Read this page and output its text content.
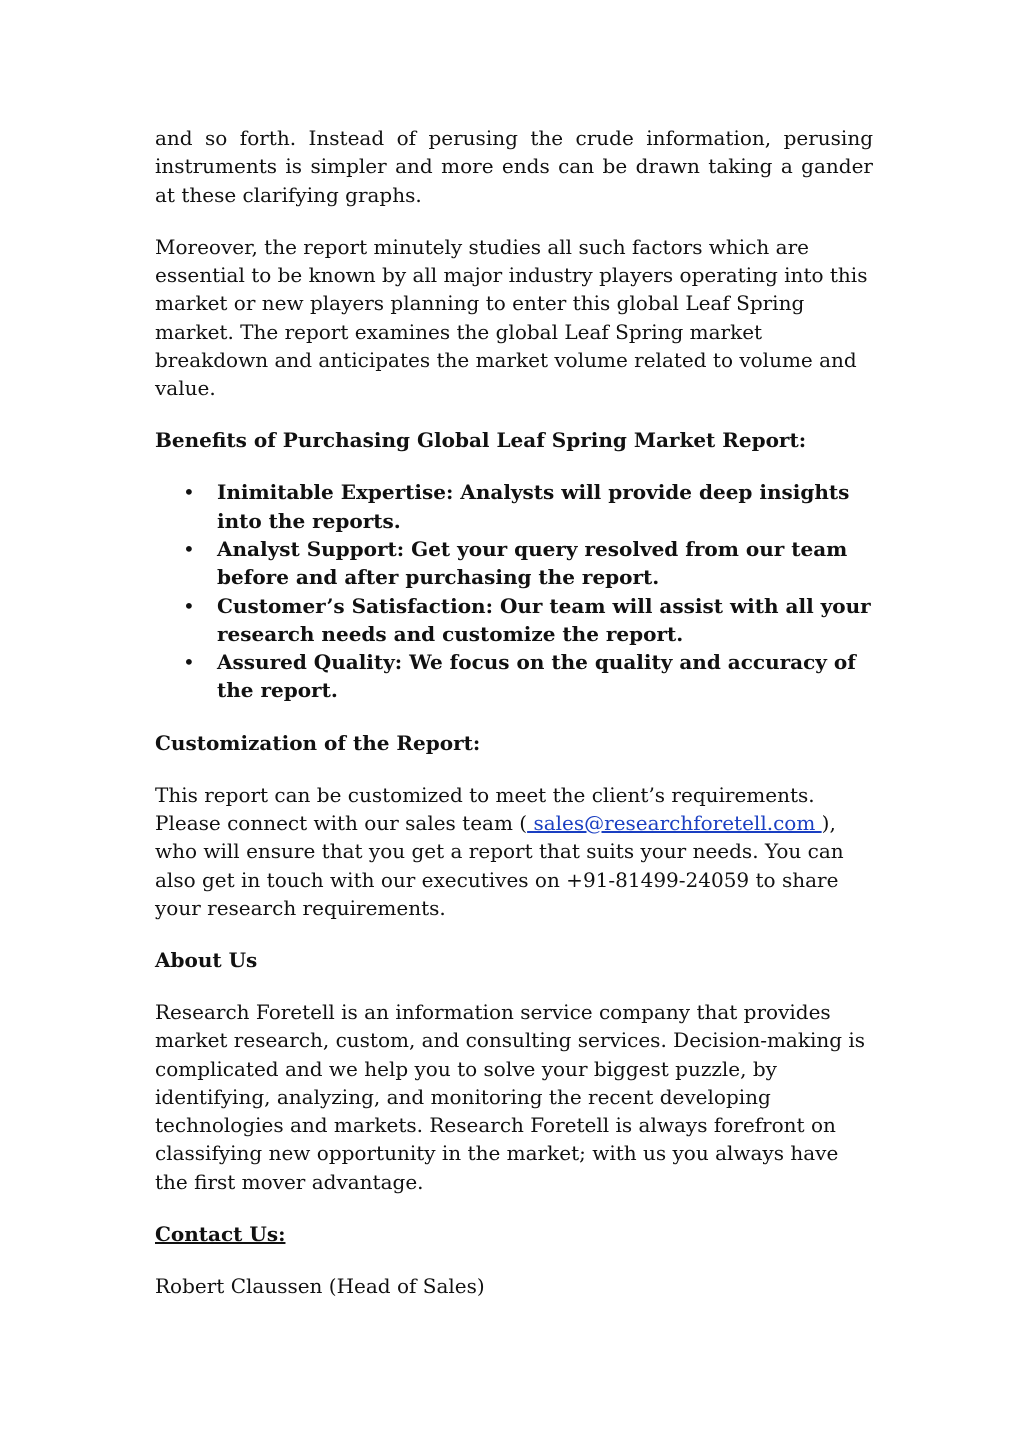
and so forth. Instead of perusing the crude information, perusing instruments is simpler and more ends can be drawn taking a gander at these clarifying graphs.

Moreover, the report minutely studies all such factors which are essential to be known by all major industry players operating into this market or new players planning to enter this global Leaf Spring market. The report examines the global Leaf Spring market breakdown and anticipates the market volume related to volume and value.

Benefits of Purchasing Global Leaf Spring Market Report:

• Inimitable Expertise: Analysts will provide deep insights into the reports.
• Analyst Support: Get your query resolved from our team before and after purchasing the report.
• Customer’s Satisfaction: Our team will assist with all your research needs and customize the report.
• Assured Quality: We focus on the quality and accuracy of the report.

Customization of the Report:

This report can be customized to meet the client’s requirements. Please connect with our sales team ( sales@researchforetell.com ), who will ensure that you get a report that suits your needs. You can also get in touch with our executives on +91-81499-24059 to share your research requirements.

About Us

Research Foretell is an information service company that provides market research, custom, and consulting services. Decision-making is complicated and we help you to solve your biggest puzzle, by identifying, analyzing, and monitoring the recent developing technologies and markets. Research Foretell is always forefront on classifying new opportunity in the market; with us you always have the first mover advantage.

Contact Us:

Robert Claussen (Head of Sales)
